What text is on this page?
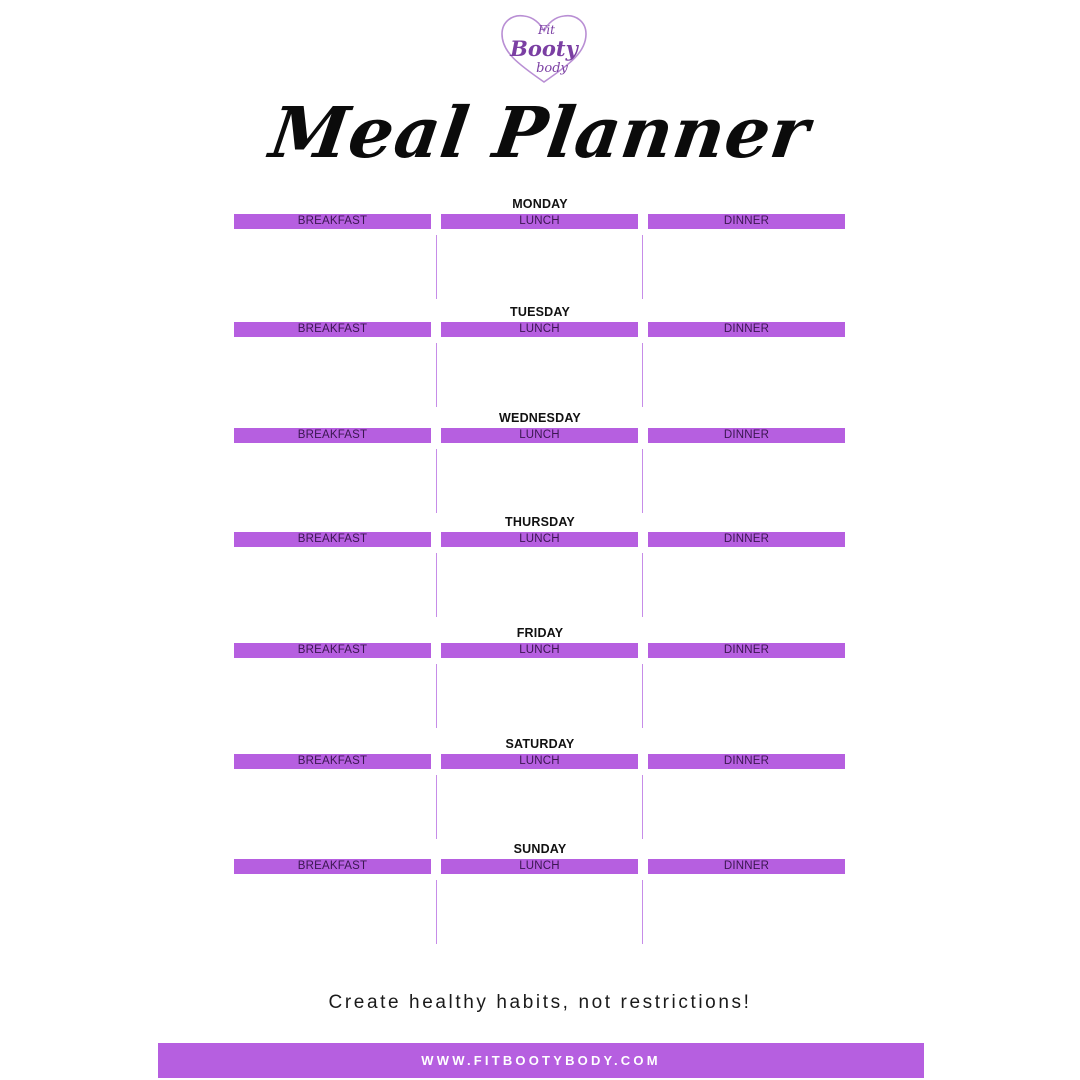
Fit
Booty
body
Meal Planner
MONDAY
BREAKFAST	LUNCH	DINNER
TUESDAY
BREAKFAST	LUNCH	DINNER
WEDNESDAY
BREAKFAST	LUNCH	DINNER
THURSDAY
BREAKFAST	LUNCH	DINNER
FRIDAY
BREAKFAST	LUNCH	DINNER
SATURDAY
BREAKFAST	LUNCH	DINNER
SUNDAY
BREAKFAST	LUNCH	DINNER
Create healthy habits, not restrictions!
WWW.FITBOOTYBODY.COM
